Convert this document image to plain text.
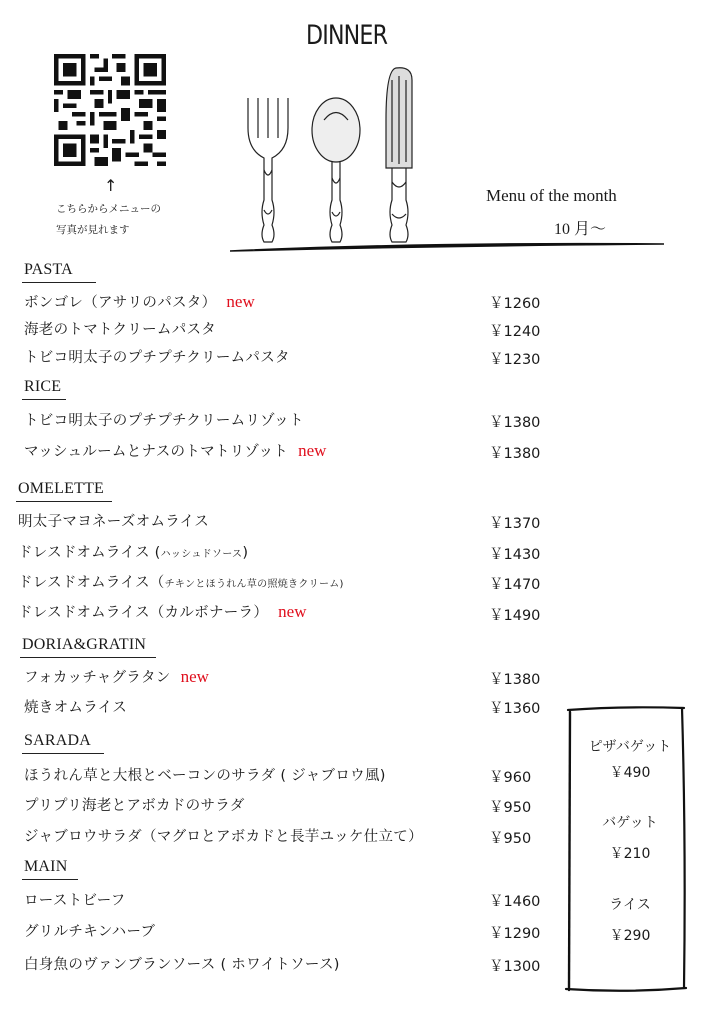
DINNER
↑
こちらからメニューの
写真が見れます
Menu of the month
10 月～
PASTA
ボンゴレ（アサリのパスタ） new	￥1260
海老のトマトクリームパスタ	￥1240
トビコ明太子のプチプチクリームパスタ	￥1230
RICE
トビコ明太子のプチプチクリームリゾット	￥1380
マッシュルームとナスのトマトリゾット new	￥1380
OMELETTE
明太子マヨネーズオムライス	￥1370
ドレスドオムライス (ハッシュドソース)	￥1430
ドレスドオムライス（チキンとほうれん草の照焼きクリーム)	￥1470
ドレスドオムライス（カルボナーラ） new	￥1490
DORIA&GRATIN
フォカッチャグラタン new	￥1380
焼きオムライス	￥1360
SARADA
ほうれん草と大根とベーコンのサラダ ( ジャブロウ風)	￥960
プリプリ海老とアボカドのサラダ	￥950
ジャブロウサラダ（マグロとアボカドと長芋ユッケ仕立て）	￥950
MAIN
ローストビーフ	￥1460
グリルチキンハーブ	￥1290
白身魚のヴァンブランソース ( ホワイトソース)	￥1300
ピザバゲット
￥490
バゲット
￥210
ライス
￥290
